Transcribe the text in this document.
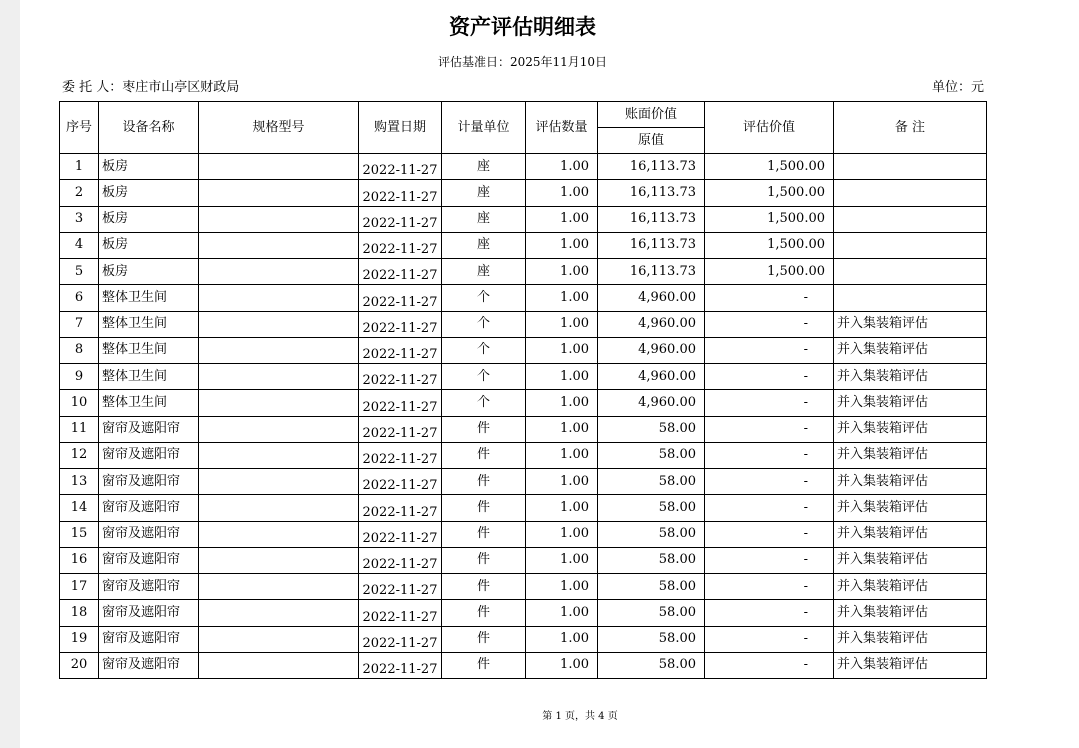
资产评估明细表
评估基准日：2025年11月10日
委 托 人：枣庄市山亭区财政局	单位：元
序号	设备名称	规格型号	购置日期	计量单位	评估数量	账面价值	评估价值	备 注
						原值		
1	板房		2022-11-27	座	1.00	16,113.73	1,500.00	
2	板房		2022-11-27	座	1.00	16,113.73	1,500.00	
3	板房		2022-11-27	座	1.00	16,113.73	1,500.00	
4	板房		2022-11-27	座	1.00	16,113.73	1,500.00	
5	板房		2022-11-27	座	1.00	16,113.73	1,500.00	
6	整体卫生间		2022-11-27	个	1.00	4,960.00	-	
7	整体卫生间		2022-11-27	个	1.00	4,960.00	-	并入集装箱评估
8	整体卫生间		2022-11-27	个	1.00	4,960.00	-	并入集装箱评估
9	整体卫生间		2022-11-27	个	1.00	4,960.00	-	并入集装箱评估
10	整体卫生间		2022-11-27	个	1.00	4,960.00	-	并入集装箱评估
11	窗帘及遮阳帘		2022-11-27	件	1.00	58.00	-	并入集装箱评估
12	窗帘及遮阳帘		2022-11-27	件	1.00	58.00	-	并入集装箱评估
13	窗帘及遮阳帘		2022-11-27	件	1.00	58.00	-	并入集装箱评估
14	窗帘及遮阳帘		2022-11-27	件	1.00	58.00	-	并入集装箱评估
15	窗帘及遮阳帘		2022-11-27	件	1.00	58.00	-	并入集装箱评估
16	窗帘及遮阳帘		2022-11-27	件	1.00	58.00	-	并入集装箱评估
17	窗帘及遮阳帘		2022-11-27	件	1.00	58.00	-	并入集装箱评估
18	窗帘及遮阳帘		2022-11-27	件	1.00	58.00	-	并入集装箱评估
19	窗帘及遮阳帘		2022-11-27	件	1.00	58.00	-	并入集装箱评估
20	窗帘及遮阳帘		2022-11-27	件	1.00	58.00	-	并入集装箱评估
第 1 页，共 4 页
